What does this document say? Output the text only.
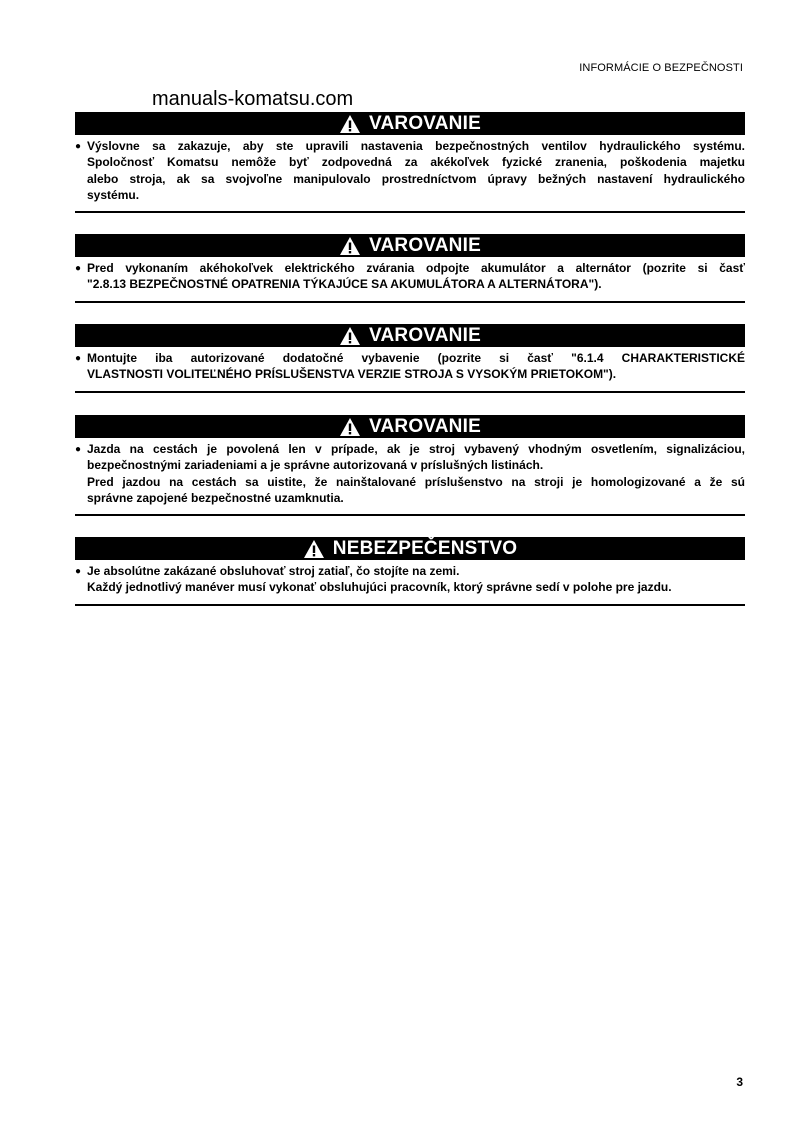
INFORMÁCIE O BEZPEČNOSTI
manuals-komatsu.com
VAROVANIE
● Výslovne sa zakazuje, aby ste upravili nastavenia bezpečnostných ventilov hydraulického systému.
Spoločnosť Komatsu nemôže byť zodpovedná za akékoľvek fyzické zranenia, poškodenia majetku
alebo stroja, ak sa svojvoľne manipulovalo prostredníctvom úpravy bežných nastavení hydraulického
systému.
VAROVANIE
● Pred vykonaním akéhokoľvek elektrického zvárania odpojte akumulátor a alternátor (pozrite si časť
"2.8.13 BEZPEČNOSTNÉ OPATRENIA TÝKAJÚCE SA AKUMULÁTORA A ALTERNÁTORA").
VAROVANIE
● Montujte iba autorizované dodatočné vybavenie (pozrite si časť "6.1.4 CHARAKTERISTICKÉ
VLASTNOSTI VOLITEĽNÉHO PRÍSLUŠENSTVA VERZIE STROJA S VYSOKÝM PRIETOKOM").
VAROVANIE
● Jazda na cestách je povolená len v prípade, ak je stroj vybavený vhodným osvetlením, signalizáciou,
bezpečnostnými zariadeniami a je správne autorizovaná v príslušných listinách.
Pred jazdou na cestách sa uistite, že nainštalované príslušenstvo na stroji je homologizované a že sú
správne zapojené bezpečnostné uzamknutia.
NEBEZPEČENSTVO
● Je absolútne zakázané obsluhovať stroj zatiaľ, čo stojíte na zemi.
Každý jednotlivý manéver musí vykonať obsluhujúci pracovník, ktorý správne sedí v polohe pre jazdu.
3
